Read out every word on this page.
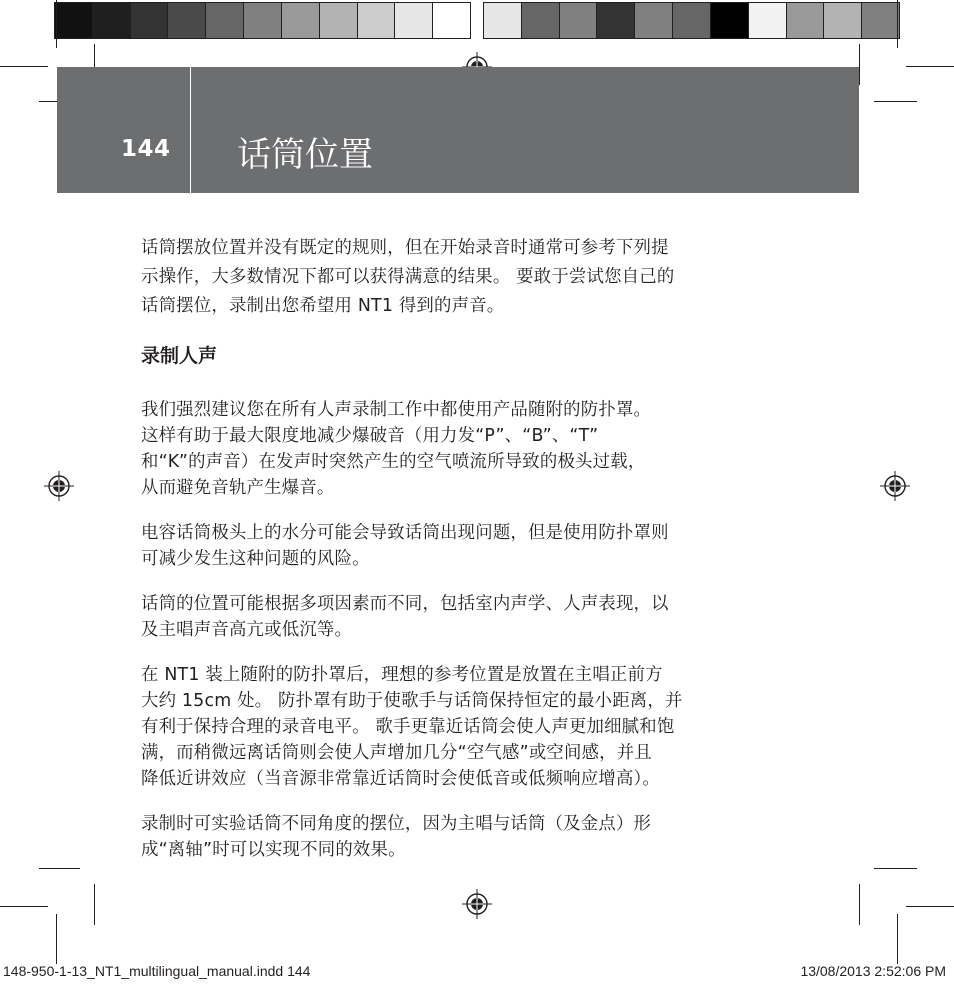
144 话筒位置

话筒摆放位置并没有既定的规则，但在开始录音时通常可参考下列提
示操作，大多数情况下都可以获得满意的结果。 要敢于尝试您自己的
话筒摆位，录制出您希望用 NT1 得到的声音。

录制人声

我们强烈建议您在所有人声录制工作中都使用产品随附的防扑罩。
这样有助于最大限度地减少爆破音（用力发“P”、“B”、“T”
和“K”的声音）在发声时突然产生的空气喷流所导致的极头过载，
从而避免音轨产生爆音。

电容话筒极头上的水分可能会导致话筒出现问题，但是使用防扑罩则
可减少发生这种问题的风险。

话筒的位置可能根据多项因素而不同，包括室内声学、人声表现，以
及主唱声音高亢或低沉等。

在 NT1 装上随附的防扑罩后，理想的参考位置是放置在主唱正前方
大约 15cm 处。 防扑罩有助于使歌手与话筒保持恒定的最小距离，并
有利于保持合理的录音电平。 歌手更靠近话筒会使人声更加细腻和饱
满，而稍微远离话筒则会使人声增加几分“空气感”或空间感，并且
降低近讲效应（当音源非常靠近话筒时会使低音或低频响应增高）。

录制时可实验话筒不同角度的摆位，因为主唱与话筒（及金点）形
成“离轴”时可以实现不同的效果。

148-950-1-13_NT1_multilingual_manual.indd 144	13/08/2013 2:52:06 PM
